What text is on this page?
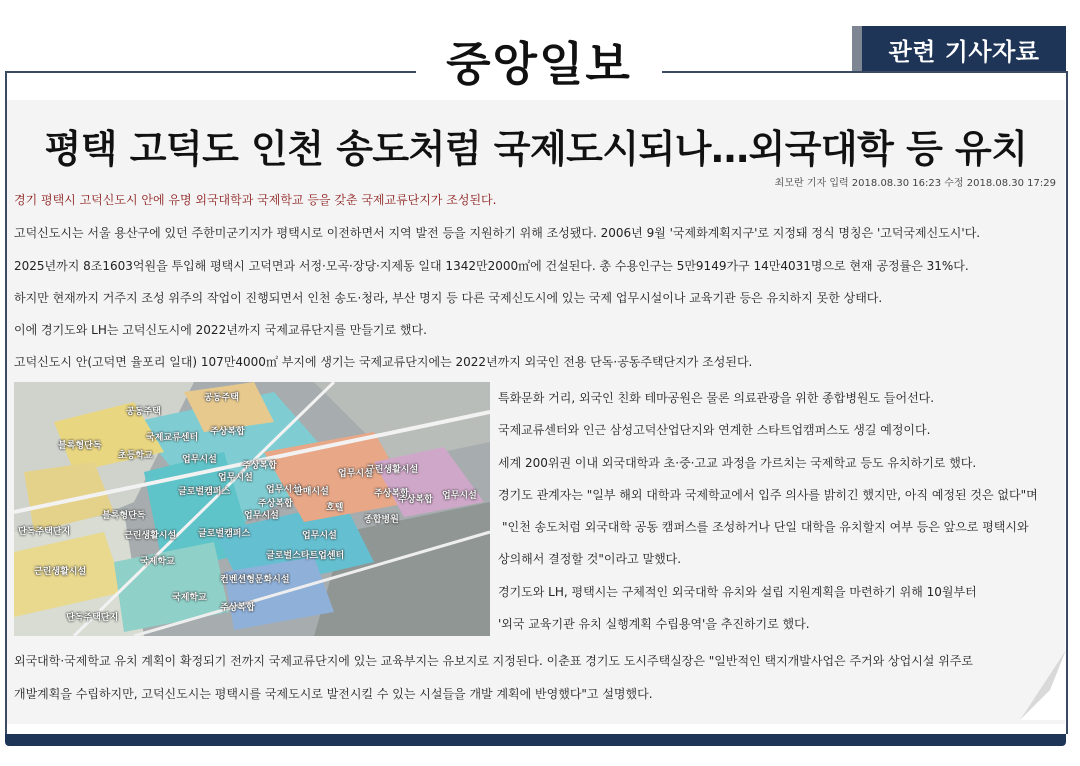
관련 기사자료
중앙일보
평택 고덕도 인천 송도처럼 국제도시되나…외국대학 등 유치
최모란 기자 입력 2018.08.30 16:23 수정 2018.08.30 17:29
경기 평택시 고덕신도시 안에 유명 외국대학과 국제학교 등을 갖춘 국제교류단지가 조성된다.
고덕신도시는 서울 용산구에 있던 주한미군기지가 평택시로 이전하면서 지역 발전 등을 지원하기 위해 조성됐다. 2006년 9월 '국제화계획지구'로 지정돼 정식 명칭은 '고덕국제신도시'다.
2025년까지 8조1603억원을 투입해 평택시 고덕면과 서정·모곡·장당·지제동 일대 1342만2000㎡에 건설된다. 총 수용인구는 5만9149가구 14만4031명으로 현재 공정률은 31%다.
하지만 현재까지 거주지 조성 위주의 작업이 진행되면서 인천 송도·청라, 부산 명지 등 다른 국제신도시에 있는 국제 업무시설이나 교육기관 등은 유치하지 못한 상태다.
이에 경기도와 LH는 고덕신도시에 2022년까지 국제교류단지를 만들기로 했다.
고덕신도시 안(고덕면 율포리 일대) 107만4000㎡ 부지에 생기는 국제교류단지에는 2022년까지 외국인 전용 단독·공동주택단지가 조성된다.
공동주택
공동주택
블록형단독
국제교류센터
주상복합
초등학교	업무시설
업무시설
주상복합
업무시설
주상복합
근린생활시설
업무시설
글로벌캠퍼스	주상복합
판매시설
호텔
주상복합 업무시설
블록형단독	업무시설	종합병원
단독주택단지	근린생활시설 글로벌캠퍼스	업무시설
국제학교
글로벌스타트업센터
근린생활시설
컨벤션형문화시설
국제학교
주상복합
단독주택단지
특화문화 거리, 외국인 친화 테마공원은 물론 의료관광을 위한 종합병원도 들어선다.
국제교류센터와 인근 삼성고덕산업단지와 연계한 스타트업캠퍼스도 생길 예정이다.
세계 200위권 이내 외국대학과 초·중·고교 과정을 가르치는 국제학교 등도 유치하기로 했다.
경기도 관계자는 "일부 해외 대학과 국제학교에서 입주 의사를 밝히긴 했지만, 아직 예정된 것은 없다"며
"인천 송도처럼 외국대학 공동 캠퍼스를 조성하거나 단일 대학을 유치할지 여부 등은 앞으로 평택시와
상의해서 결정할 것"이라고 말했다.
경기도와 LH, 평택시는 구체적인 외국대학 유치와 설립 지원계획을 마련하기 위해 10월부터
'외국 교육기관 유치 실행계획 수립용역'을 추진하기로 했다.
외국대학·국제학교 유치 계획이 확정되기 전까지 국제교류단지에 있는 교육부지는 유보지로 지정된다. 이춘표 경기도 도시주택실장은 "일반적인 택지개발사업은 주거와 상업시설 위주로
개발계획을 수립하지만, 고덕신도시는 평택시를 국제도시로 발전시킬 수 있는 시설들을 개발 계획에 반영했다"고 설명했다.
